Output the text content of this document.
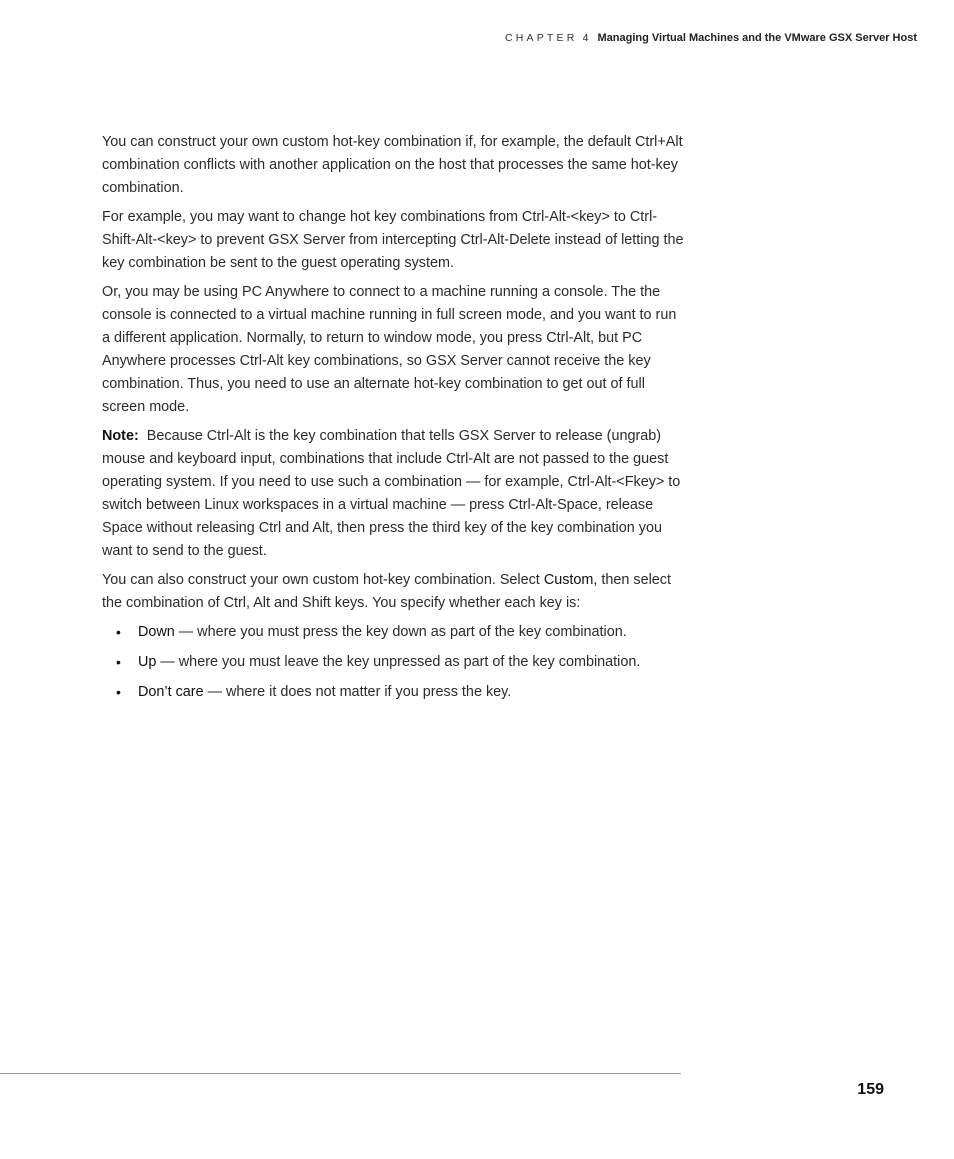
CHAPTER 4 Managing Virtual Machines and the VMware GSX Server Host

You can construct your own custom hot-key combination if, for example, the default Ctrl+Alt combination conflicts with another application on the host that processes the same hot-key combination.

For example, you may want to change hot key combinations from Ctrl-Alt-<key> to Ctrl-Shift-Alt-<key> to prevent GSX Server from intercepting Ctrl-Alt-Delete instead of letting the key combination be sent to the guest operating system.

Or, you may be using PC Anywhere to connect to a machine running a console. The the console is connected to a virtual machine running in full screen mode, and you want to run a different application. Normally, to return to window mode, you press Ctrl-Alt, but PC Anywhere processes Ctrl-Alt key combinations, so GSX Server cannot receive the key combination. Thus, you need to use an alternate hot-key combination to get out of full screen mode.

Note: Because Ctrl-Alt is the key combination that tells GSX Server to release (ungrab) mouse and keyboard input, combinations that include Ctrl-Alt are not passed to the guest operating system. If you need to use such a combination — for example, Ctrl-Alt-<Fkey> to switch between Linux workspaces in a virtual machine — press Ctrl-Alt-Space, release Space without releasing Ctrl and Alt, then press the third key of the key combination you want to send to the guest.

You can also construct your own custom hot-key combination. Select Custom, then select the combination of Ctrl, Alt and Shift keys. You specify whether each key is:

• Down — where you must press the key down as part of the key combination.
• Up — where you must leave the key unpressed as part of the key combination.
• Don’t care — where it does not matter if you press the key.
159
